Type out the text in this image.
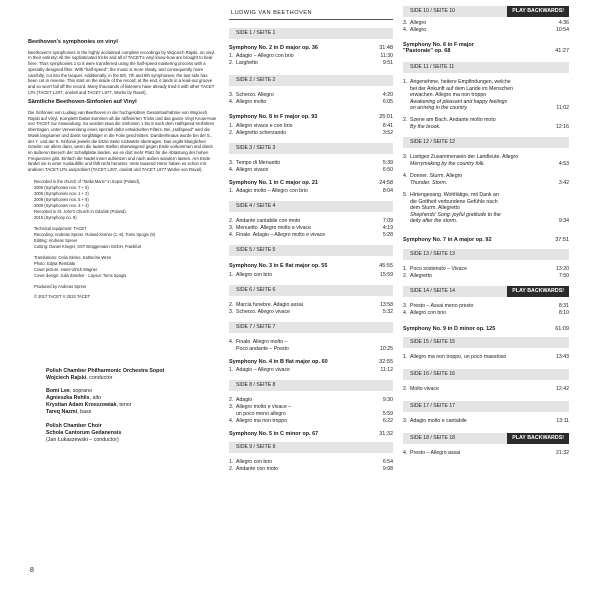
Beethoven's symphonies on vinyl

Beethoven's symphonies in the highly acclaimed complete recordings by Wojciech Rajski, on vinyl. In their entirety! All the sophisticated tricks and all of TACET's vinyl know-how are brought to bear here. Thus symphonies 1 to 8 were transferred using the half-speed mastering process with a specially designed filter. With "half-speed", the music is more slowly, and consequently more carefully, cut into the lacquer. Additionally, in the 5th, 7th and 9th symphonies, the last side has been cut in reverse. This start on the inside of the record; at the end, it lands in a lead-out groove and so won't fall off the record. Many thousands of listeners have already tried it with other TACET LPs (TACET L207, onelo8 and TACET L977, Works by Ravel).

Sämtliche Beethoven-Sinfonien auf Vinyl

Die Sinfonien von Ludwig van Beethoven in der hochgelobten Gesamtaufnahme von Wojciech Rajski auf Vinyl. Komplett! Dabei kommen all die raffinierten Tricks und das ganze Vinyl Know-How von TACET zur Anwendung. So wurden etwa die Sinfonien 1 bis 8 nach dem Halfspeed-Verfahren übertragen, unter Verwendung eines speziell dafür entwickelten Filters. Bei „Halfspeed" wird die Musik langsamer und damit sorgfältiger in die Folie geschnitten. Darüberhinaus wurde bei der 5., der 7. und der 9. Sinfonie jeweils die letzte Seite rückwärts übertragen. Das ergibt klanglichen Gewinn vor allem dann, wenn die lauten Stellen überwiegend gegen Ende vorkommen und damit im äußeren Bereich der Schallplatte landen, wo es dort mehr Platz für die Abtastung der hohen Frequenzen gibt. Einfach die Nadel innen aufsetzen und nach außen wandern lassen. Am Ende landet sie in einer Auslaufrille und fällt nicht herunter. Viele tausend Hörer haben es schon mit anderen TACET-LPs ausprobiert (TACET L207, onelo8 und TACET L977 Werke von Ravel).

Recorded in the church of "Stella Maris" in Sopot (Poland),
2005 (Symphonies nos. 7 + 8)
2006 (Symphonies nos. 1 + 2)
2008 (Symphonies nos. 5 + 6)
2009 (Symphonies nos. 3 + 4)
Recorded in St. John's Church in Gdańsk (Poland),
2015 (Symphony no. 9)
Technical equipment: TACET
Recording: Andreas Spreer, Roland Kistner (1.-8), Toms Spogis (9)
Editing: Andreas Spreer
Cutting: Daniel Krieger, SST Brüggemann GmbH, Frankfurt
Translations: Celia Skrine, Katherine Wren
Photo: Edyta Rembała
Cover picture: Hans-Ulrich Wagner
Cover design: Julia Zancker · Layout: Toms Spogis
Produced by Andreas Spreer
© 2017 TACET ℗ 2022 TACET
Polish Chamber Philharmonic Orchestra Sopot
Wojciech Rajski, conductor
Bomi Lee, soprano
Agnieszka Rehlis, alto
Krystian Adam Krzeszowiak, tenor
Tareq Nazmi, bass
Polish Chamber Choir
Schola Cantorum Gedanensis
(Jan Łukaszewski – conductor)
8
LUDWIG VAN BEETHOVEN
SIDE 1 / SEITE 1
Symphony No. 2 in D major op. 36	31:48
1. Adagio – Allegro con brio	11:30
2. Larghetto	9:51
SIDE 2 / SEITE 2
3. Scherzo. Allegro	4:20
4. Allegro molto	6:05
Symphony No. 8 in F major op. 93	25:01
1. Allegro vivace e con brio	8:41
2. Allegretto scherzando	3:52
SIDE 3 / SEITE 3
3. Tempo di Menuetto	5:39
4. Allegro vivace	6:50
Symphony No. 1 in C major op. 21	24:58
1. Adagio molto – Allegro con brio	8:04
SIDE 4 / SEITE 4
2. Andante cantabile con moto	7:09
3. Menuetto. Allegro molto e vivace	4:19
4. Finale. Adagio – Allegro molto e vivace	5:28
SIDE 5 / SEITE 5
Symphony No. 3 in E flat major op. 55	45:55
1. Allegro con brio	15:59
SIDE 6 / SEITE 6
2. Marcia funebre. Adagio assai	13:58
3. Scherzo. Allegro vivace	5:32
SIDE 7 / SEITE 7
4. Finale. Allegro molto –
Poco andante – Presto	10:25
Symphony No. 4 in B flat major op. 60	32:55
1. Adagio – Allegro vivace	11:12
SIDE 8 / SEITE 8
2. Adagio	9:30
3. Allegro molto e vivace –
un poco meno allegro	5:59
4. Allegro ma non troppo	6:22
Symphony No. 5 in C minor op. 67	31:32
SIDE 9 / SEITE 9
1. Allegro con brio	6:54
2. Andante con moto	9:08
SIDE 10 / SEITE 10	PLAY BACKWARDS!
3. Allegro	4:36
4. Allegro	10:54
Symphony No. 6 in F major
"Pastorale" op. 68	41:27
SIDE 11 / SEITE 11
1. Angenehme, heitere Empfindungen, welche
bei der Ankunft auf dem Lande im Menschen
erwachen. Allegro ma non troppo
Awakening of pleasant and happy feelings
on arriving in the country.	11:02
2. Szene am Bach. Andante molto moto
By the brook.	12:16
SIDE 12 / SEITE 12
3. Lustiges Zusammensein der Landleute. Allegro
Merrymaking by the country folk.	4:53
4. Donner. Sturm. Allegro
Thunder. Storm.	3:42
5. Hirtengesang. Wohltätige, mit Dank an
die Gottheit verbundene Gefühle nach
dem Sturm. Allegretto
Shepherds' Song: joyful gratitude to the
deity after the storm.	9:34
Symphony No. 7 in A major op. 92	37:51
SIDE 13 / SEITE 13
1. Poco sostenuto – Vivace	13:20
2. Allegretto	7:50
SIDE 14 / SEITE 14	PLAY BACKWARDS!
3. Presto – Assai meno presto	8:31
4. Allegro con brio	8:10
Symphony No. 9 in D minor op. 125	61:09
SIDE 15 / SEITE 15
1. Allegro ma non troppo, un poco maestoso	13:43
SIDE 16 / SEITE 16
2. Molto vivace	12:42
SIDE 17 / SEITE 17
3. Adagio molto e cantabile	13:11
SIDE 18 / SEITE 18	PLAY BACKWARDS!
4. Presto – Allegro assai	21:32
